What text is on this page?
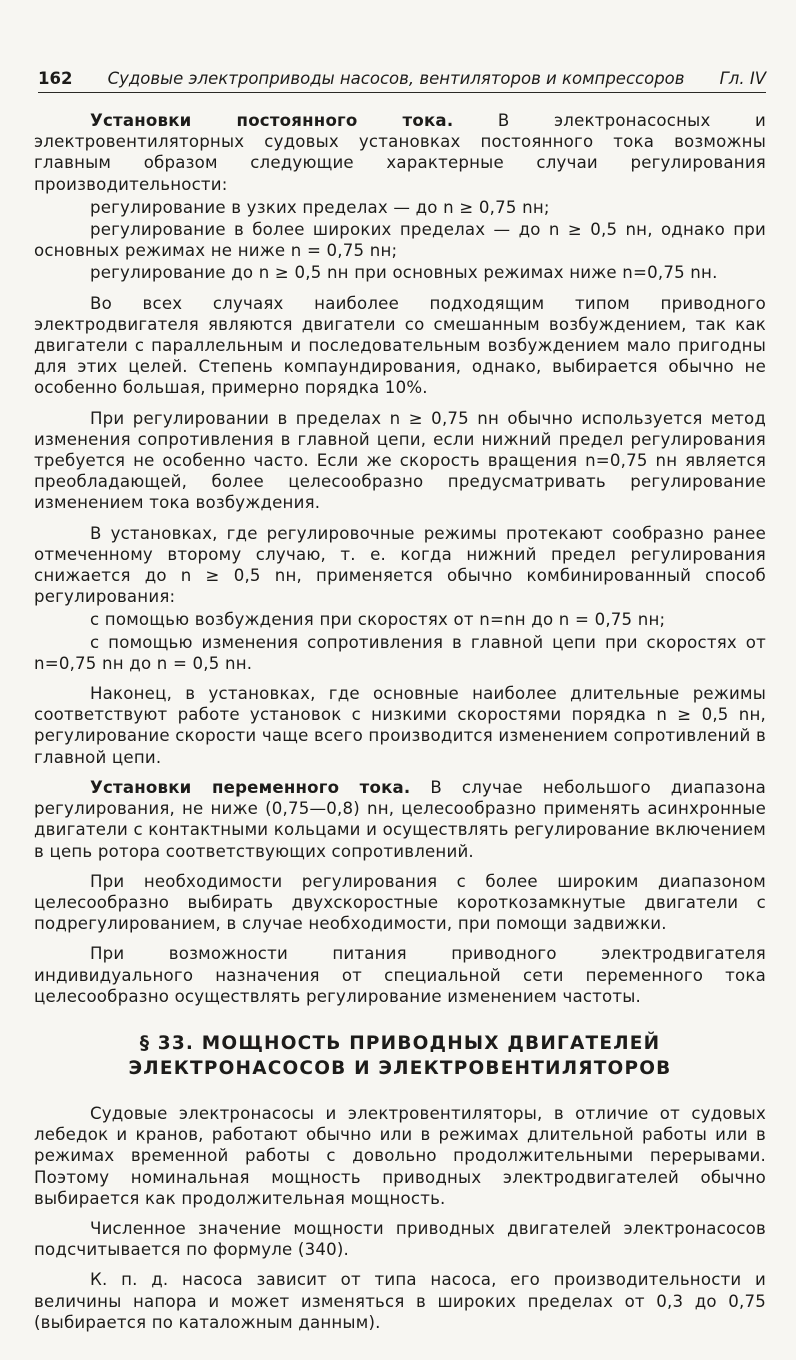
162 Судовые электроприводы насосов, вентиляторов и компрессоров Гл. IV

Установки постоянного тока. В электронасосных и электровентиляторных судовых установках постоянного тока возможны главным образом следующие характерные случаи регулирования производительности:

регулирование в узких пределах — до n ≥ 0,75 nн;

регулирование в более широких пределах — до n ≥ 0,5 nн, однако при основных режимах не ниже n = 0,75 nн;

регулирование до n ≥ 0,5 nн при основных режимах ниже n=0,75 nн.

Во всех случаях наиболее подходящим типом приводного электродвигателя являются двигатели со смешанным возбуждением, так как двигатели с параллельным и последовательным возбуждением мало пригодны для этих целей. Степень компаундирования, однако, выбирается обычно не особенно большая, примерно порядка 10%.

При регулировании в пределах n ≥ 0,75 nн обычно используется метод изменения сопротивления в главной цепи, если нижний предел регулирования требуется не особенно часто. Если же скорость вращения n=0,75 nн является преобладающей, более целесообразно предусматривать регулирование изменением тока возбуждения.

В установках, где регулировочные режимы протекают сообразно ранее отмеченному второму случаю, т. е. когда нижний предел регулирования снижается до n ≥ 0,5 nн, применяется обычно комбинированный способ регулирования:

с помощью возбуждения при скоростях от n=nн до n = 0,75 nн;

с помощью изменения сопротивления в главной цепи при скоростях от n=0,75 nн до n = 0,5 nн.

Наконец, в установках, где основные наиболее длительные режимы соответствуют работе установок с низкими скоростями порядка n ≥ 0,5 nн, регулирование скорости чаще всего производится изменением сопротивлений в главной цепи.

Установки переменного тока. В случае небольшого диапазона регулирования, не ниже (0,75—0,8) nн, целесообразно применять асинхронные двигатели с контактными кольцами и осуществлять регулирование включением в цепь ротора соответствующих сопротивлений.

При необходимости регулирования с более широким диапазоном целесообразно выбирать двухскоростные короткозамкнутые двигатели с подрегулированием, в случае необходимости, при помощи задвижки.

При возможности питания приводного электродвигателя индивидуального назначения от специальной сети переменного тока целесообразно осуществлять регулирование изменением частоты.

§ 33. МОЩНОСТЬ ПРИВОДНЫХ ДВИГАТЕЛЕЙ
ЭЛЕКТРОНАСОСОВ И ЭЛЕКТРОВЕНТИЛЯТОРОВ

Судовые электронасосы и электровентиляторы, в отличие от судовых лебедок и кранов, работают обычно или в режимах длительной работы или в режимах временной работы с довольно продолжительными перерывами. Поэтому номинальная мощность приводных электродвигателей обычно выбирается как продолжительная мощность.

Численное значение мощности приводных двигателей электронасосов подсчитывается по формуле (340).

К. п. д. насоса зависит от типа насоса, его производительности и величины напора и может изменяться в широких пределах от 0,3 до 0,75 (выбирается по каталожным данным).
